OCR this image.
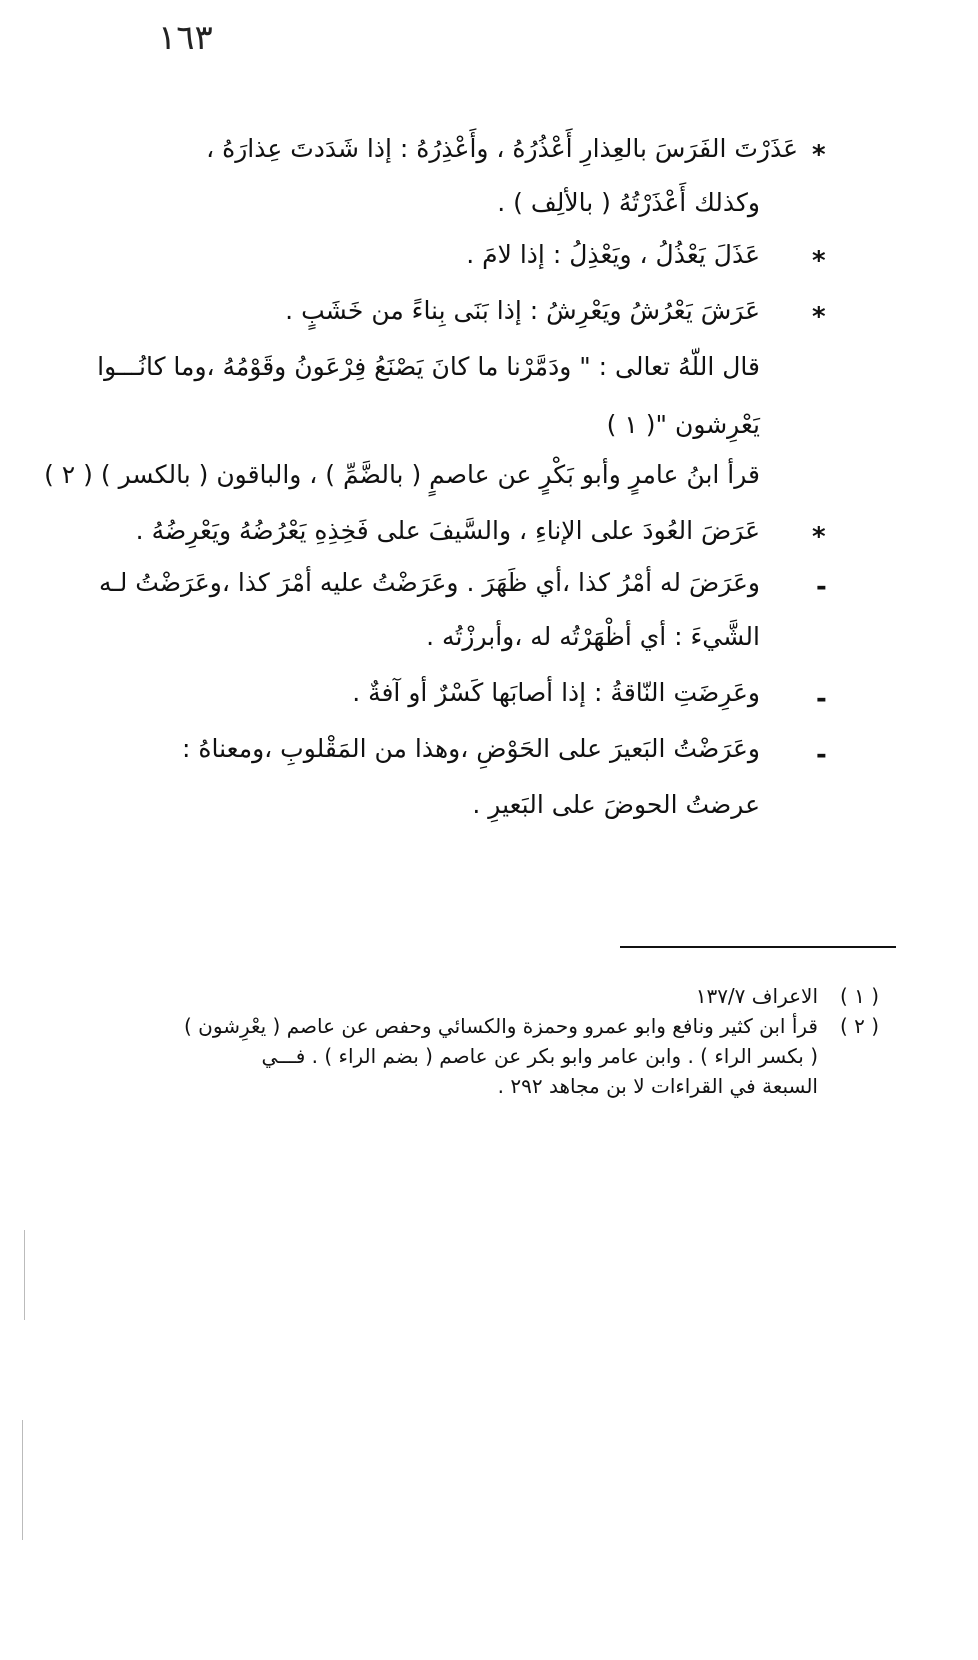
١٦٣
*
عَذَرْتَ الفَرَسَ بالعِذارِ أَعْذُرُهُ ، وأَعْذِرُهُ : إذا شَدَدتَ عِذارَهُ ،
وكذلك أَعْذَرْتُهُ ( بالألِف ) .
*
عَذَلَ يَعْذُلُ ، ويَعْذِلُ : إذا لامَ .
*
عَرَشَ يَعْرُشُ ويَعْرِشُ : إذا بَنَى بِناءً من خَشَبٍ .
قال اللّهُ تعالى : " ودَمَّرْنا ما كانَ يَصْنَعُ فِرْعَونُ وقَوْمُهُ ،وما كانُـــوا
يَعْرِشون "( ١ )
قرأ ابنُ عامرٍ وأبو بَكْرٍ عن عاصمٍ ( بالضَّمِّ ) ، والباقون ( بالكسر ) ( ٢ )
*
عَرَضَ العُودَ على الإناءِ ، والسَّيفَ على فَخِذِهِ يَعْرُضُهُ ويَعْرِضُهُ .
-
وعَرَضَ له أمْرُ كذا ،أي ظَهَرَ . وعَرَضْتُ عليه أمْرَ كذا ،وعَرَضْتُ لـه
الشَّيءَ : أي أظْهَرْتُه له ،وأبرزْتُه .
-
وعَرِضَتِ النّاقةُ : إذا أصابَها كَسْرٌ أو آفةٌ .
-
وعَرَضْتُ البَعيرَ على الحَوْضِ ،وهذا من المَقْلوبِ ،ومعناهُ :
عرضتُ الحوضَ على البَعيرِ .
( ١ )
الاعراف ١٣٧/٧
( ٢ )
قرأ ابن كثير ونافع وابو عمرو وحمزة والكسائي وحفص عن عاصم ( يعْرِشون )
( بكسر الراء ) . وابن عامر وابو بكر عن عاصم ( بضم الراء ) . فـــي
السبعة في القراءات لا بن مجاهد ٢٩٢ .
